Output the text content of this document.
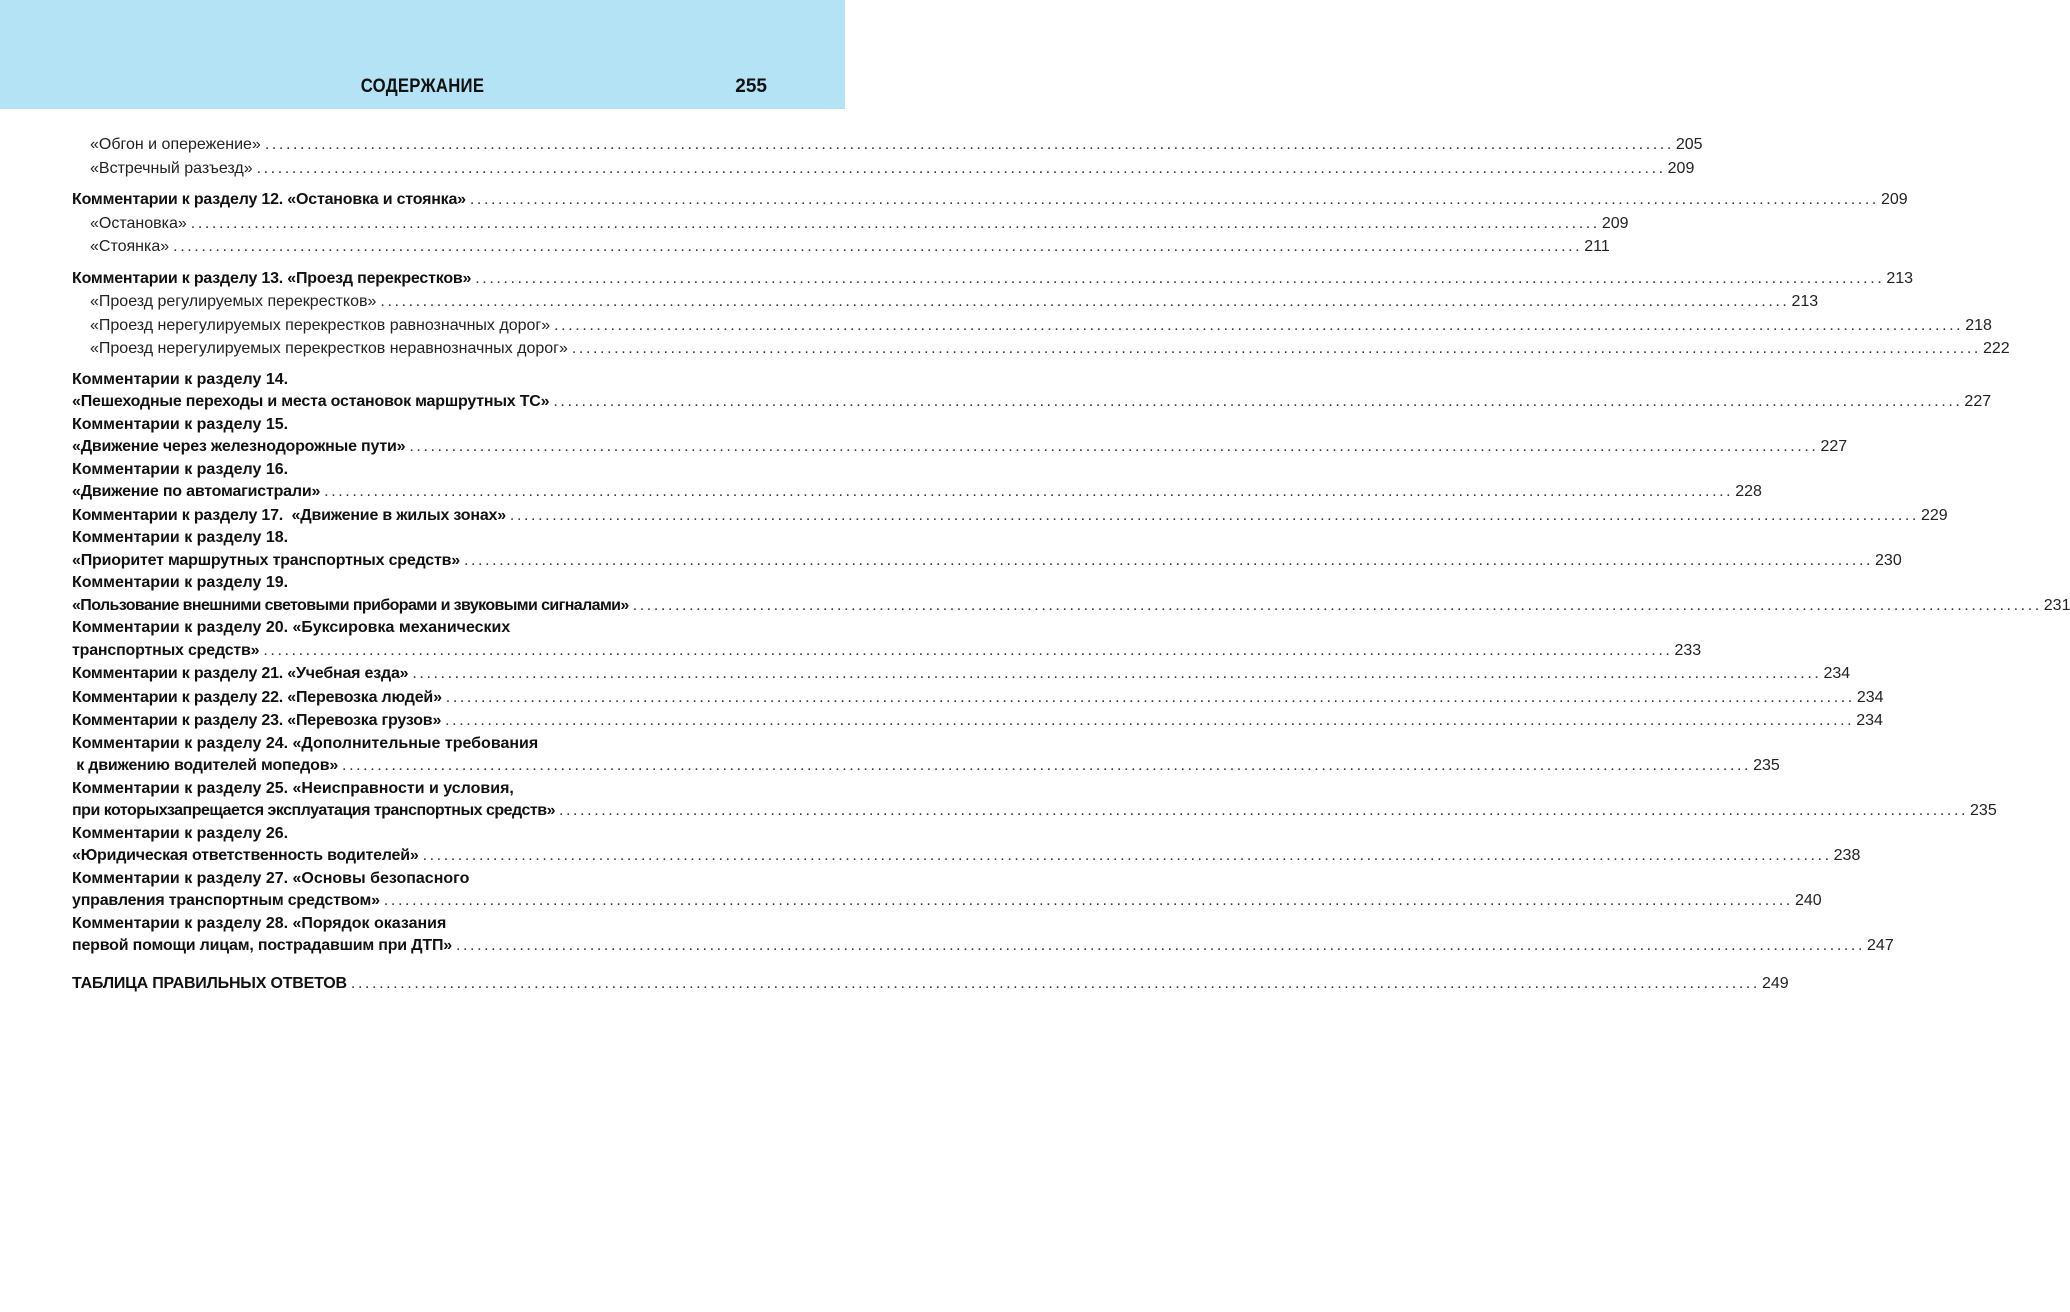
СОДЕРЖАНИЕ	255
«Обгон и опережение» ........................................................................................................................................................................................................ 205
«Встречный разъезд» ........................................................................................................................................................................................................ 209
Комментарии к разделу 12. «Остановка и стоянка» ........................................................................................................................................................................................................ 209
«Остановка» ........................................................................................................................................................................................................ 209
«Стоянка» ........................................................................................................................................................................................................ 211
Комментарии к разделу 13. «Проезд перекрестков» ........................................................................................................................................................................................................ 213
«Проезд регулируемых перекрестков» ........................................................................................................................................................................................................ 213
«Проезд нерегулируемых перекрестков равнозначных дорог» ........................................................................................................................................................................................................ 218
«Проезд нерегулируемых перекрестков неравнозначных дорог» ........................................................................................................................................................................................................ 222
Комментарии к разделу 14.
«Пешеходные переходы и места остановок маршрутных ТС» ........................................................................................................................................................................................................ 227
Комментарии к разделу 15.
«Движение через железнодорожные пути» ........................................................................................................................................................................................................ 227
Комментарии к разделу 16.
«Движение по автомагистрали» ........................................................................................................................................................................................................ 228
Комментарии к разделу 17.  «Движение в жилых зонах» ........................................................................................................................................................................................................ 229
Комментарии к разделу 18.
«Приоритет маршрутных транспортных средств» ........................................................................................................................................................................................................ 230
Комментарии к разделу 19.
«Пользование внешними световыми приборами и звуковыми сигналами» ........................................................................................................................................................................................................ 231
Комментарии к разделу 20. «Буксировка механических
транспортных средств» ........................................................................................................................................................................................................ 233
Комментарии к разделу 21. «Учебная езда» ........................................................................................................................................................................................................ 234
Комментарии к разделу 22. «Перевозка людей» ........................................................................................................................................................................................................ 234
Комментарии к разделу 23. «Перевозка грузов» ........................................................................................................................................................................................................ 234
Комментарии к разделу 24. «Дополнительные требования
к движению водителей мопедов» ........................................................................................................................................................................................................ 235
Комментарии к разделу 25. «Неисправности и условия,
при которыхзапрещается эксплуатация транспортных средств» ........................................................................................................................................................................................................ 235
Комментарии к разделу 26.
«Юридическая ответственность водителей» ........................................................................................................................................................................................................ 238
Комментарии к разделу 27. «Основы безопасного
управления транспортным средством» ........................................................................................................................................................................................................ 240
Комментарии к разделу 28. «Порядок оказания
первой помощи лицам, пострадавшим при ДТП» ........................................................................................................................................................................................................ 247
ТАБЛИЦА ПРАВИЛЬНЫХ ОТВЕТОВ ........................................................................................................................................................................................................ 249
